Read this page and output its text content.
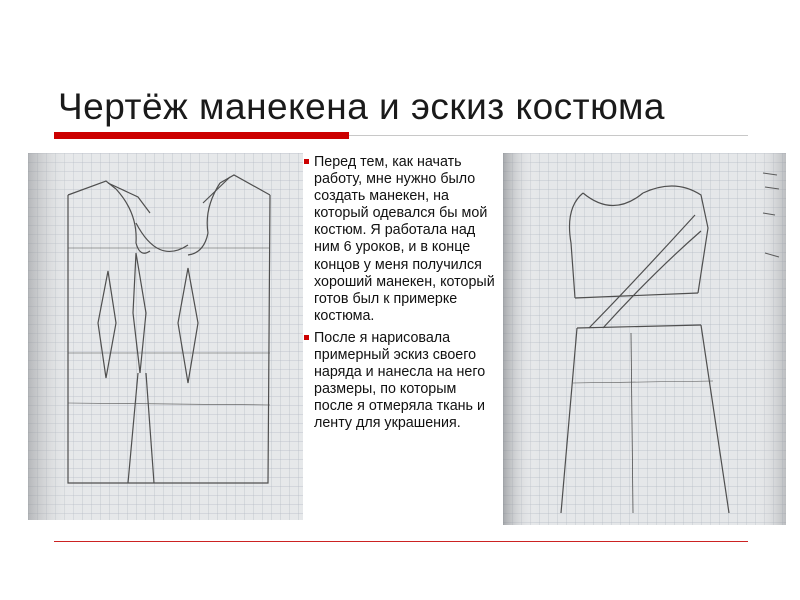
Чертёж манекена и эскиз костюма

Перед тем, как начать работу, мне нужно было создать манекен, на который одевался бы мой костюм. Я работала над ним 6 уроков, и в конце концов у меня получился хороший манекен, который готов был к примерке костюма.

После я нарисовала примерный эскиз своего наряда и нанесла на него размеры, по которым после я отмеряла ткань и ленту для украшения.
